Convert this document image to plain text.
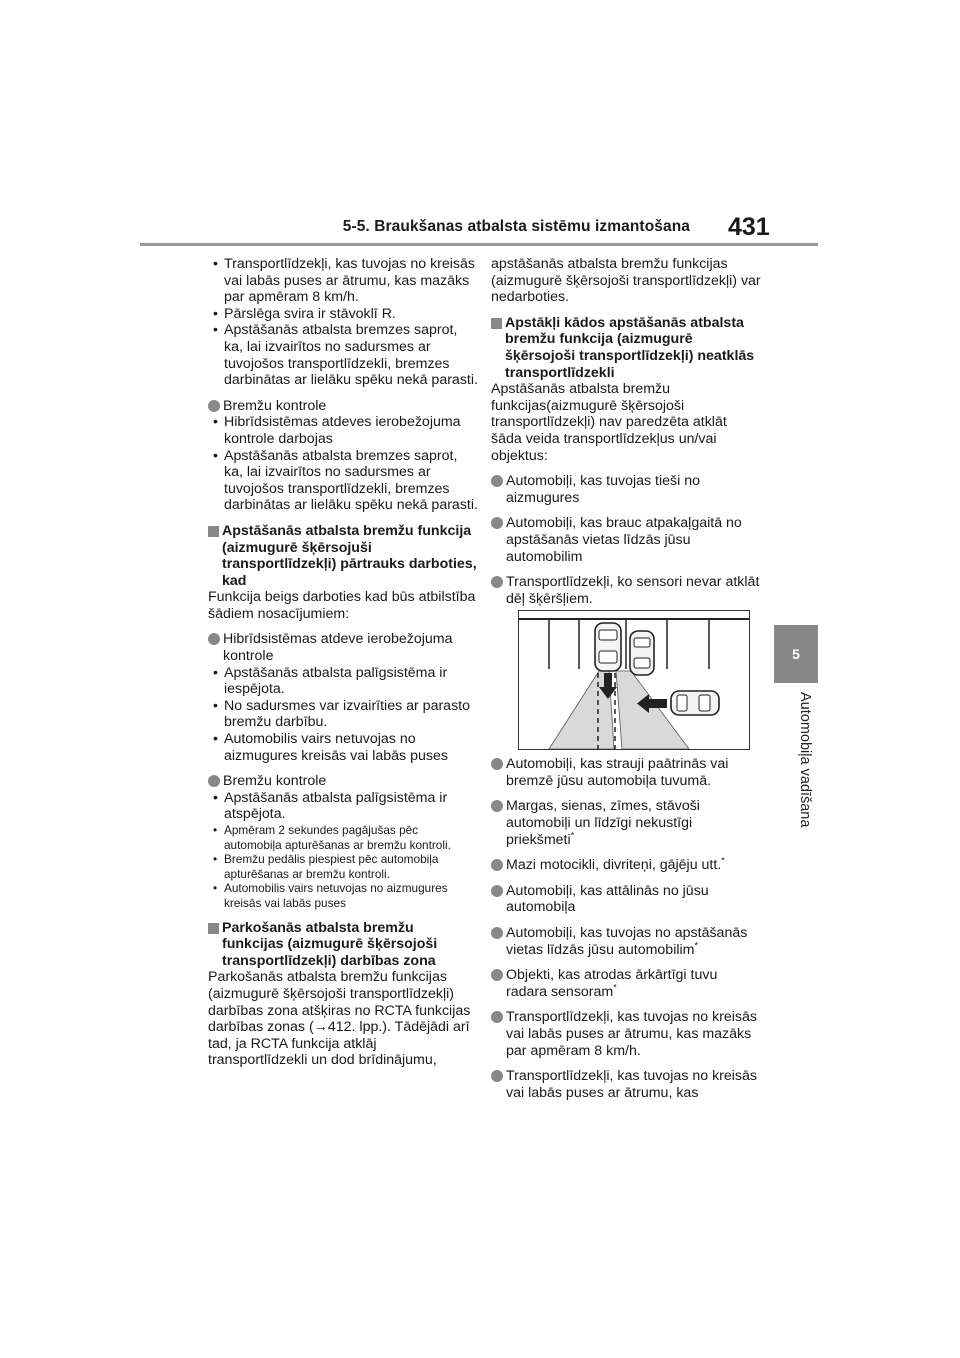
5-5. Braukšanas atbalsta sistēmu izmantošana 431
5
Automobiļa vadīšana
• Transportlīdzekļi, kas tuvojas no kreisās vai labās puses ar ātrumu, kas mazāks par apmēram 8 km/h.
• Pārslēga svira ir stāvoklī R.
• Apstāšanās atbalsta bremzes saprot, ka, lai izvairītos no sadursmes ar tuvojošos transportlīdzekli, bremzes darbinātas ar lielāku spēku nekā parasti.
Bremžu kontrole
• Hibrīdsistēmas atdeves ierobežojuma kontrole darbojas
• Apstāšanās atbalsta bremzes saprot, ka, lai izvairītos no sadursmes ar tuvojošos transportlīdzekli, bremzes darbinātas ar lielāku spēku nekā parasti.
Apstāšanās atbalsta bremžu funkcija (aizmugurē šķērsojuši transportlīdzekļi) pārtrauks darboties, kad
Funkcija beigs darboties kad būs atbilstība šādiem nosacījumiem:
Hibrīdsistēmas atdeve ierobežojuma kontrole
• Apstāšanās atbalsta palīgsistēma ir iespējota.
• No sadursmes var izvairīties ar parasto bremžu darbību.
• Automobilis vairs netuvojas no aizmugures kreisās vai labās puses
Bremžu kontrole
• Apstāšanās atbalsta palīgsistēma ir atspējota.
• Apmēram 2 sekundes pagājušas pēc automobiļa apturēšanas ar bremžu kontroli.
• Bremžu pedālis piespiest pēc automobiļa apturēšanas ar bremžu kontroli.
• Automobilis vairs netuvojas no aizmugures kreisās vai labās puses
Parkošanās atbalsta bremžu funkcijas (aizmugurē šķērsojoši transportlīdzekļi) darbības zona
Parkošanās atbalsta bremžu funkcijas (aizmugurē šķērsojoši transportlīdzekļi) darbības zona atšķiras no RCTA funkcijas darbības zonas (→412. lpp.). Tādējādi arī tad, ja RCTA funkcija atklāj transportlīdzekli un dod brīdinājumu,
apstāšanās atbalsta bremžu funkcijas (aizmugurē šķērsojoši transportlīdzekļi) var nedarboties.
Apstākļi kādos apstāšanās atbalsta bremžu funkcija (aizmugurē šķērsojoši transportlīdzekļi) neatklās transportlīdzekli
Apstāšanās atbalsta bremžu funkcijas(aizmugurē šķērsojoši transportlīdzekļi) nav paredzēta atklāt šāda veida transportlīdzekļus un/vai objektus:
Automobiļi, kas tuvojas tieši no aizmugures
Automobiļi, kas brauc atpakaļgaitā no apstāšanās vietas līdzās jūsu automobilim
Transportlīdzekļi, ko sensori nevar atklāt dēļ šķēršļiem.
Automobiļi, kas strauji paātrinās vai bremzē jūsu automobiļa tuvumā.
Margas, sienas, zīmes, stāvoši automobiļi un līdzīgi nekustīgi priekšmeti*
Mazi motocikli, divriteņi, gājēju utt.*
Automobiļi, kas attālinās no jūsu automobiļa
Automobiļi, kas tuvojas no apstāšanās vietas līdzās jūsu automobilim*
Objekti, kas atrodas ārkārtīgi tuvu radara sensoram*
Transportlīdzekļi, kas tuvojas no kreisās vai labās puses ar ātrumu, kas mazāks par apmēram 8 km/h.
Transportlīdzekļi, kas tuvojas no kreisās vai labās puses ar ātrumu, kas
